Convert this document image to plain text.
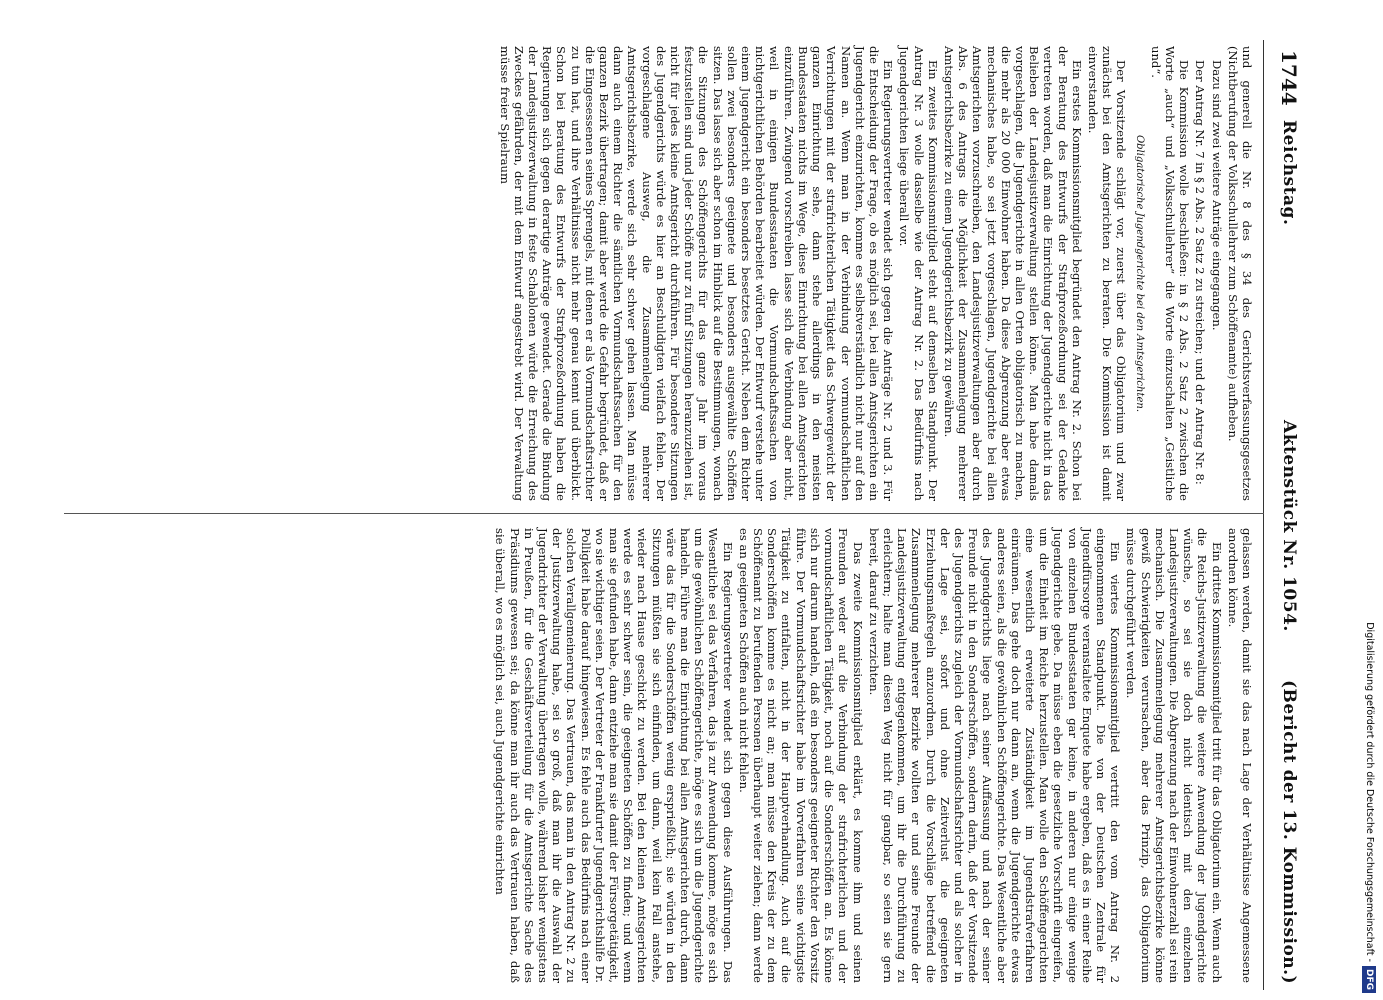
1744
Reichstag.
Aktenstück Nr. 1054.
(Bericht der 13. Kommission.)

und generell die Nr. 8 des § 34 des Gerichtsverfassungsgesetzes (Nichtberufung der Volksschullehrer zum Schöffenamte) aufheben.

Dazu sind zwei weitere Anträge eingegangen.

Der Antrag Nr. 7 in § 2 Abs. 2 Satz 2 zu streichen; und der Antrag Nr. 8:

Die Kommission wolle beschließen: in § 2 Abs. 2 Satz 2 zwischen die Worte „auch“ und „Volksschullehrer“ die Worte einzuschalten „Geistliche und“.

Obligatorische Jugendgerichte bei den Amtsgerichten.

Der Vorsitzende schlägt vor, zuerst über das Obligatorium und zwar zunächst bei den Amtsgerichten zu beraten. Die Kommission ist damit einverstanden.

Ein erstes Kommissionsmitglied begründet den Antrag Nr. 2. Schon bei der Beratung des Entwurfs der Strafprozeßordnung sei der Gedanke vertreten worden, daß man die Einrichtung der Jugendgerichte nicht in das Belieben der Landesjustizverwaltung stellen könne. Man habe damals vorgeschlagen, die Jugendgerichte in allen Orten obligatorisch zu machen, die mehr als 20 000 Einwohner haben. Da diese Abgrenzung aber etwas mechanisches habe, so sei jetzt vorgeschlagen, Jugendgerichte bei allen Amtsgerichten vorzuschreiben, den Landesjustizverwaltungen aber durch Abs. 6 des Antrags die Möglichkeit der Zusammenlegung mehrerer Amtsgerichtsbezirke zu einem Jugendgerichtsbezirk zu gewähren.

Ein zweites Kommissionsmitglied steht auf demselben Standpunkt. Der Antrag Nr. 3 wolle dasselbe wie der Antrag Nr. 2. Das Bedürfnis nach Jugendgerichten liege überall vor.

Ein Regierungsvertreter wendet sich gegen die Anträge Nr. 2 und 3. Für die Entscheidung der Frage, ob es möglich sei, bei allen Amtsgerichten ein Jugendgericht einzurichten, komme es selbstverständlich nicht nur auf den Namen an. Wenn man in der Verbindung der vormundschaftlichen Verrichtungen mit der strafrichterlichen Tätigkeit das Schwergewicht der ganzen Einrichtung sehe, dann stehe allerdings in den meisten Bundesstaaten nichts im Wege, diese Einrichtung bei allen Amtsgerichten einzuführen. Zwingend vorschreiben lasse sich die Verbindung aber nicht, weil in einigen Bundesstaaten die Vormundschaftssachen von nichtgerichtlichen Behörden bearbeitet würden. Der Entwurf verstehe unter einem Jugendgericht ein besonders besetztes Gericht. Neben dem Richter sollen zwei besonders geeignete und besonders ausgewählte Schöffen sitzen. Das lasse sich aber schon im Hinblick auf die Bestimmungen, wonach die Sitzungen des Schöffengerichts für das ganze Jahr im voraus festzustellen sind und jeder Schöffe nur zu fünf Sitzungen heranzuziehen ist, nicht für jedes kleine Amtsgericht durchführen. Für besondere Sitzungen des Jugendgerichts würde es hier an Beschuldigten vielfach fehlen. Der vorgeschlagene Ausweg, die Zusammenlegung mehrerer Amtsgerichtsbezirke, werde sich sehr schwer gehen lassen. Man müsse dann auch einem Richter die sämtlichen Vormundschaftssachen für den ganzen Bezirk übertragen; damit aber werde die Gefahr begründet, daß er die Eingesessenen seines Sprengels, mit denen er als Vormundschaftsrichter zu tun hat, und ihre Verhältnisse nicht mehr genau kennt und überblickt. Schon bei Beratung des Entwurfs der Strafprozeßordnung haben die Regierungen sich gegen derartige Anträge gewendet. Gerade die Bindung der Landesjustizverwaltung in feste Schablonen würde die Erreichung des Zweckes gefährden, der mit dem Entwurf angestrebt wird. Der Verwaltung müsse freier Spielraum

gelassen werden, damit sie das nach Lage der Verhältnisse Angemessene anordnen könne.

Ein drittes Kommissionsmitglied tritt für das Obligatorium ein. Wenn auch die Reichs-Justizverwaltung die weitere Anwendung der Jugendgerichte wünsche, so sei sie doch nicht identisch mit den einzelnen Landesjustizverwaltungen. Die Abgrenzung nach der Einwohnerzahl sei rein mechanisch. Die Zusammenlegung mehrerer Amtsgerichtsbezirke könne gewiß Schwierigkeiten verursachen, aber das Prinzip, das Obligatorium müsse durchgeführt werden.

Ein viertes Kommissionsmitglied vertritt den vom Antrag Nr. 2 eingenommenen Standpunkt. Die von der Deutschen Zentrale für Jugendfürsorge veranstaltete Enquete habe ergeben, daß es in einer Reihe von einzelnen Bundesstaaten gar keine, in anderen nur einige wenige Jugendgerichte gebe. Da müsse eben die gesetzliche Vorschrift eingreifen, um die Einheit im Reiche herzustellen. Man wolle den Schöffengerichten eine wesentlich erweiterte Zuständigkeit im Jugendstrafverfahren einräumen. Das gehe doch nur dann an, wenn die Jugendgerichte etwas anderes seien, als die gewöhnlichen Schöffengerichte. Das Wesentliche aber des Jugendgerichts liege nach seiner Auffassung und nach der seiner Freunde nicht in den Sonderschöffen, sondern darin, daß der Vorsitzende des Jugendgerichts zugleich der Vormundschaftsrichter und als solcher in der Lage sei, sofort und ohne Zeitverlust die geeigneten Erziehungsmaßregeln anzuordnen. Durch die Vorschläge betreffend die Zusammenlegung mehrerer Bezirke wollten er und seine Freunde der Landesjustizverwaltung entgegenkommen, um ihr die Durchführung zu erleichtern; halte man diesen Weg nicht für gangbar, so seien sie gern bereit, darauf zu verzichten.

Das zweite Kommissionsmitglied erklärt, es komme ihm und seinen Freunden weder auf die Verbindung der strafrichterlichen und der vormundschaftlichen Tätigkeit, noch auf die Sonderschöffen an. Es könne sich nur darum handeln, daß ein besonders geeigneter Richter den Vorsitz führe. Der Vormundschaftsrichter habe im Vorverfahren seine wichtigste Tätigkeit zu entfalten, nicht in der Hauptverhandlung. Auch auf die Sonderschöffen komme es nicht an; man müsse den Kreis der zu dem Schöffenamt zu berufenden Personen überhaupt weiter ziehen; dann werde es an geeigneten Schöffen auch nicht fehlen.

Ein Regierungsvertreter wendet sich gegen diese Ausführungen. Das Wesentliche sei das Verfahren, das ja zur Anwendung komme, möge es sich um die gewöhnlichen Schöffengerichte, möge es sich um die Jugendgerichte handeln. Führe man die Einrichtung bei allen Amtsgerichten durch, dann wäre das für die Sonderschöffen wenig ersprießlich; sie würden in den Sitzungen müßten sie sich einfinden, um dann, weil kein Fall anstehe, wieder nach Hause geschickt zu werden. Bei den kleinen Amtsgerichten werde es sehr schwer sein, die geeigneten Schöffen zu finden; und wenn man sie gefunden habe, dann entziehe man sie damit der Fürsorgetätigkeit, wo sie wichtiger seien. Der Vertreter der Frankfurter Jugendgerichtshilfe Dr. Polligkeit habe darauf hingewiesen. Es fehle auch das Bedürfnis nach einer solchen Verallgemeinerung. Das Vertrauen, das man in den Antrag Nr. 2 zu der Justizverwaltung habe, sei so groß, daß man ihr die Auswahl der Jugendrichter der Verwaltung übertragen wolle, während bisher wenigstens in Preußen, für die Geschäftsverteilung für die Amtsgerichte Sache des Präsidiums gewesen sei; da könne man ihr auch das Vertrauen haben, daß sie überall, wo es möglich sei, auch Jugendgerichte einrichten	Digitalisierung gefördert durch die Deutsche Forschungsgemeinschaft -DFG
